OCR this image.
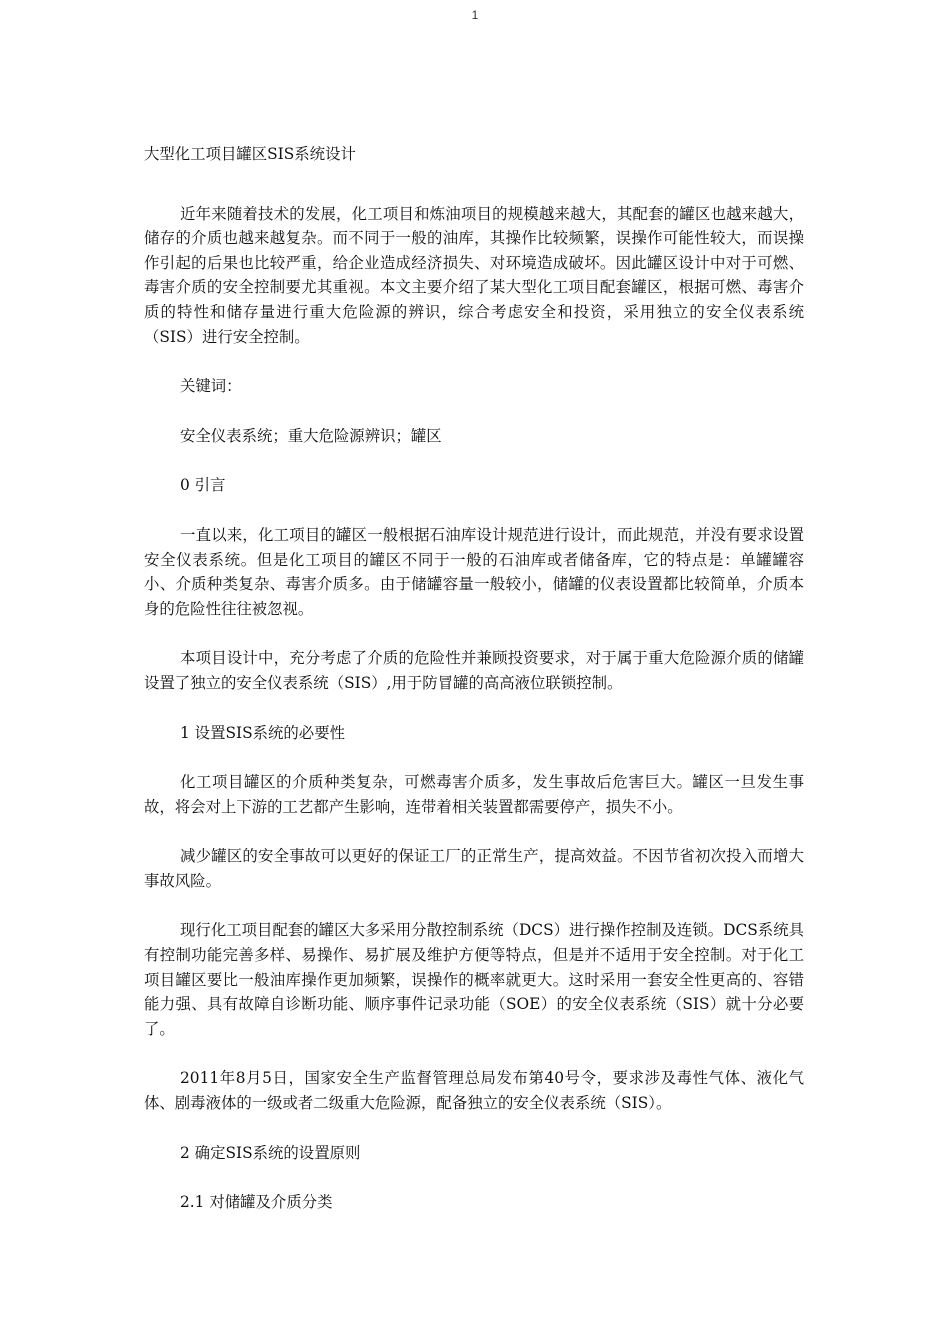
1

大型化工项目罐区SIS系统设计

近年来随着技术的发展，化工项目和炼油项目的规模越来越大，其配套的罐区也越来越大，储存的介质也越来越复杂。而不同于一般的油库，其操作比较频繁，误操作可能性较大，而误操作引起的后果也比较严重，给企业造成经济损失、对环境造成破坏。因此罐区设计中对于可燃、毒害介质的安全控制要尤其重视。本文主要介绍了某大型化工项目配套罐区，根据可燃、毒害介质的特性和储存量进行重大危险源的辨识，综合考虑安全和投资，采用独立的安全仪表系统（SIS）进行安全控制。

关键词：

安全仪表系统；重大危险源辨识；罐区

0 引言

一直以来，化工项目的罐区一般根据石油库设计规范进行设计，而此规范，并没有要求设置安全仪表系统。但是化工项目的罐区不同于一般的石油库或者储备库，它的特点是：单罐罐容小、介质种类复杂、毒害介质多。由于储罐容量一般较小，储罐的仪表设置都比较简单，介质本身的危险性往往被忽视。

本项目设计中，充分考虑了介质的危险性并兼顾投资要求，对于属于重大危险源介质的储罐设置了独立的安全仪表系统（SIS）,用于防冒罐的高高液位联锁控制。

1 设置SIS系统的必要性

化工项目罐区的介质种类复杂，可燃毒害介质多，发生事故后危害巨大。罐区一旦发生事故，将会对上下游的工艺都产生影响，连带着相关装置都需要停产，损失不小。

减少罐区的安全事故可以更好的保证工厂的正常生产，提高效益。不因节省初次投入而增大事故风险。

现行化工项目配套的罐区大多采用分散控制系统（DCS）进行操作控制及连锁。DCS系统具有控制功能完善多样、易操作、易扩展及维护方便等特点，但是并不适用于安全控制。对于化工项目罐区要比一般油库操作更加频繁，误操作的概率就更大。这时采用一套安全性更高的、容错能力强、具有故障自诊断功能、顺序事件记录功能（SOE）的安全仪表系统（SIS）就十分必要了。

2011年8月5日，国家安全生产监督管理总局发布第40号令，要求涉及毒性气体、液化气体、剧毒液体的一级或者二级重大危险源，配备独立的安全仪表系统（SIS）。

2 确定SIS系统的设置原则

2.1 对储罐及介质分类
